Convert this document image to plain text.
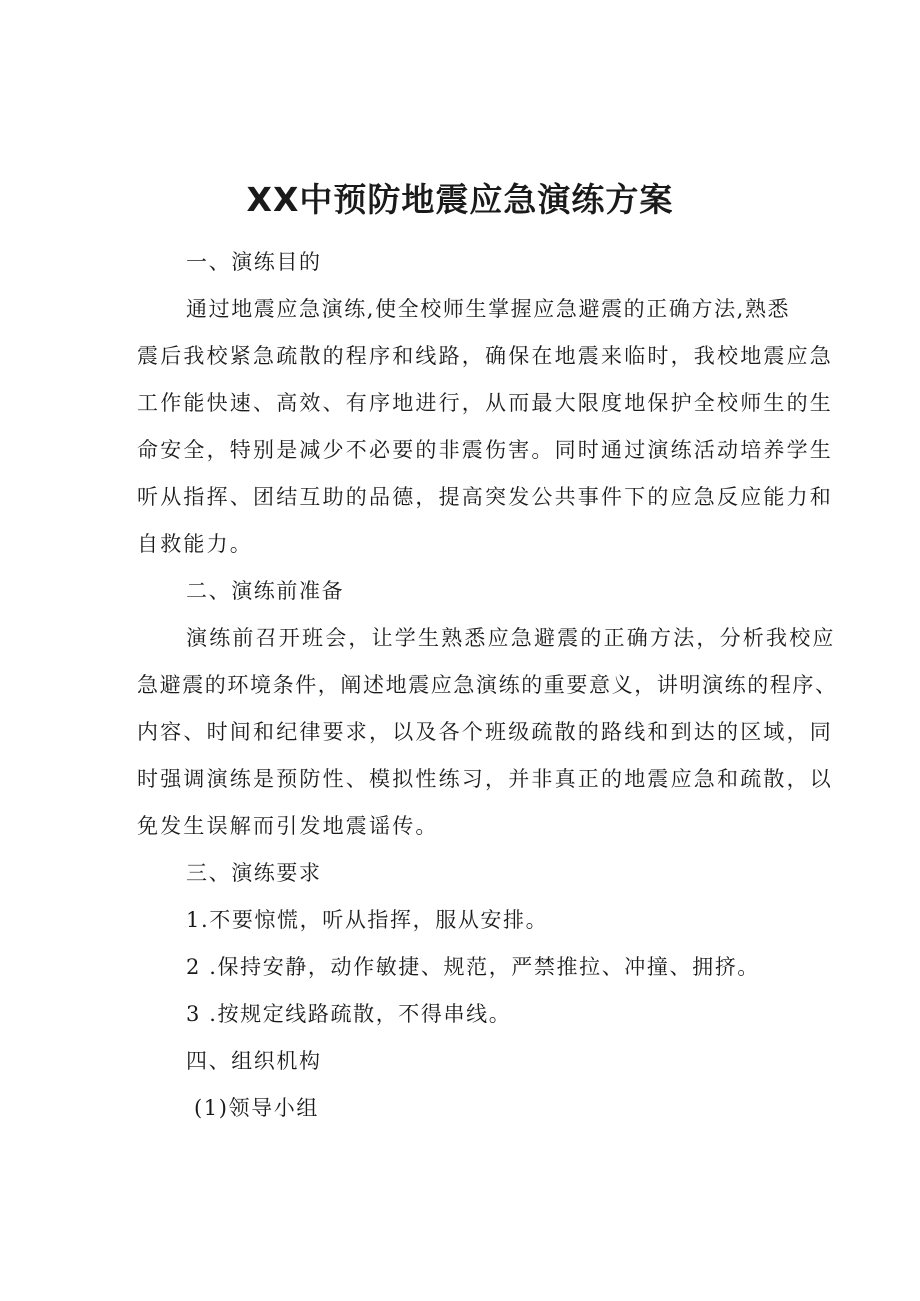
XX中预防地震应急演练方案

一、演练目的

通过地震应急演练,使全校师生掌握应急避震的正确方法,熟悉

震后我校紧急疏散的程序和线路，确保在地震来临时，我校地震应急

工作能快速、高效、有序地进行，从而最大限度地保护全校师生的生

命安全，特别是减少不必要的非震伤害。同时通过演练活动培养学生

听从指挥、团结互助的品德，提高突发公共事件下的应急反应能力和

自救能力。

二、演练前准备

演练前召开班会，让学生熟悉应急避震的正确方法，分析我校应

急避震的环境条件，阐述地震应急演练的重要意义，讲明演练的程序、

内容、时间和纪律要求，以及各个班级疏散的路线和到达的区域，同

时强调演练是预防性、模拟性练习，并非真正的地震应急和疏散，以

免发生误解而引发地震谣传。

三、演练要求

1.不要惊慌，听从指挥，服从安排。

2 .保持安静，动作敏捷、规范，严禁推拉、冲撞、拥挤。

3 .按规定线路疏散，不得串线。

四、组织机构

(1)领导小组
